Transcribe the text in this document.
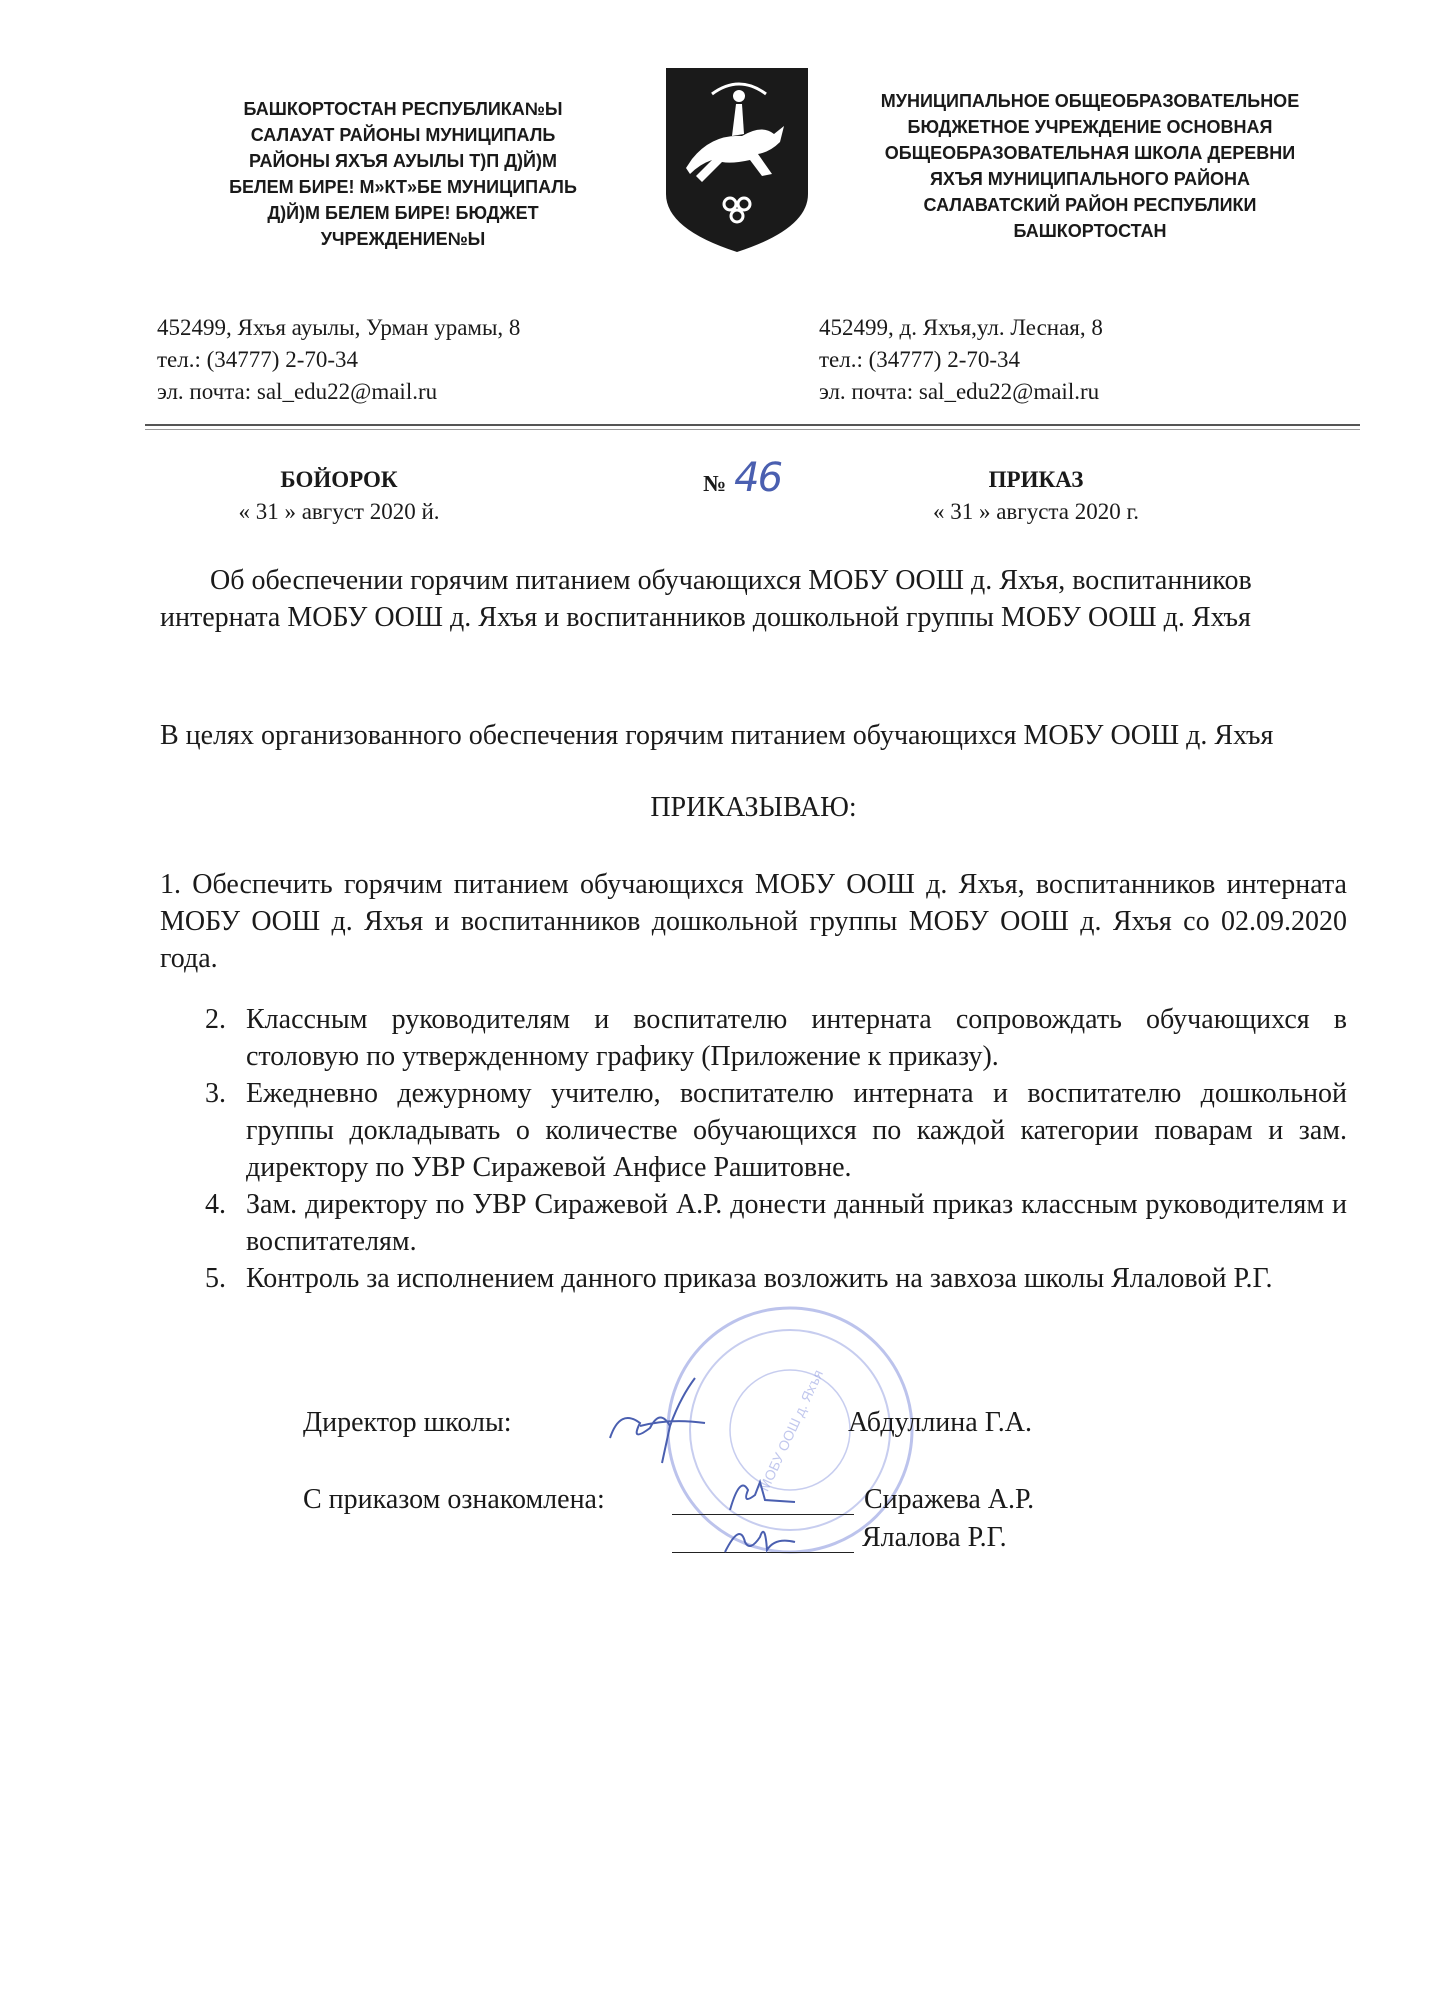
БАШКОРТОСТАН РЕСПУБЛИКА№Ы
САЛАУАТ РАЙОНЫ МУНИЦИПАЛЬ
РАЙОНЫ ЯХЪЯ АУЫЛЫ Т)П Д)Й)М
БЕЛЕМ БИРЕ! М»КТ»БЕ МУНИЦИПАЛЬ
Д)Й)М БЕЛЕМ БИРЕ! БЮДЖЕТ
УЧРЕЖДЕНИЕ№Ы
МУНИЦИПАЛЬНОЕ ОБЩЕОБРАЗОВАТЕЛЬНОЕ
БЮДЖЕТНОЕ УЧРЕЖДЕНИЕ ОСНОВНАЯ
ОБЩЕОБРАЗОВАТЕЛЬНАЯ ШКОЛА ДЕРЕВНИ
ЯХЪЯ МУНИЦИПАЛЬНОГО РАЙОНА
САЛАВАТСКИЙ РАЙОН РЕСПУБЛИКИ
БАШКОРТОСТАН
452499, Яхъя ауылы, Урман урамы, 8
тел.: (34777) 2-70-34
эл. почта: sal_edu22@mail.ru
452499, д. Яхъя,ул. Лесная, 8
тел.: (34777) 2-70-34
эл. почта: sal_edu22@mail.ru
БОЙОРОК
« 31 » август 2020 й.
№ 46	ПРИКАЗ
« 31 » августа 2020 г.
Об обеспечении горячим питанием обучающихся МОБУ ООШ д. Яхъя, воспитанников интерната МОБУ ООШ д. Яхъя и воспитанников дошкольной группы МОБУ ООШ д. Яхъя
В целях организованного обеспечения горячим питанием обучающихся МОБУ ООШ д. Яхъя
ПРИКАЗЫВАЮ:
1. Обеспечить горячим питанием обучающихся МОБУ ООШ д. Яхъя, воспитанников интерната МОБУ ООШ д. Яхъя и воспитанников дошкольной группы МОБУ ООШ д. Яхъя со 02.09.2020 года.
2. Классным руководителям и воспитателю интерната сопровождать обучающихся в столовую по утвержденному графику (Приложение к приказу).
3. Ежедневно дежурному учителю, воспитателю интерната и воспитателю дошкольной группы докладывать о количестве обучающихся по каждой категории поварам и зам. директору по УВР Сиражевой Анфисе Рашитовне.
4. Зам. директору по УВР Сиражевой А.Р. донести данный приказ классным руководителям и воспитателям.
5. Контроль за исполнением данного приказа возложить на завхоза школы Ялаловой Р.Г.
МОБУ ООШ д. Яхъя
Директор школы:	Абдуллина Г.А.
С приказом ознакомлена:	Сиражева А.Р.
Ялалова Р.Г.
